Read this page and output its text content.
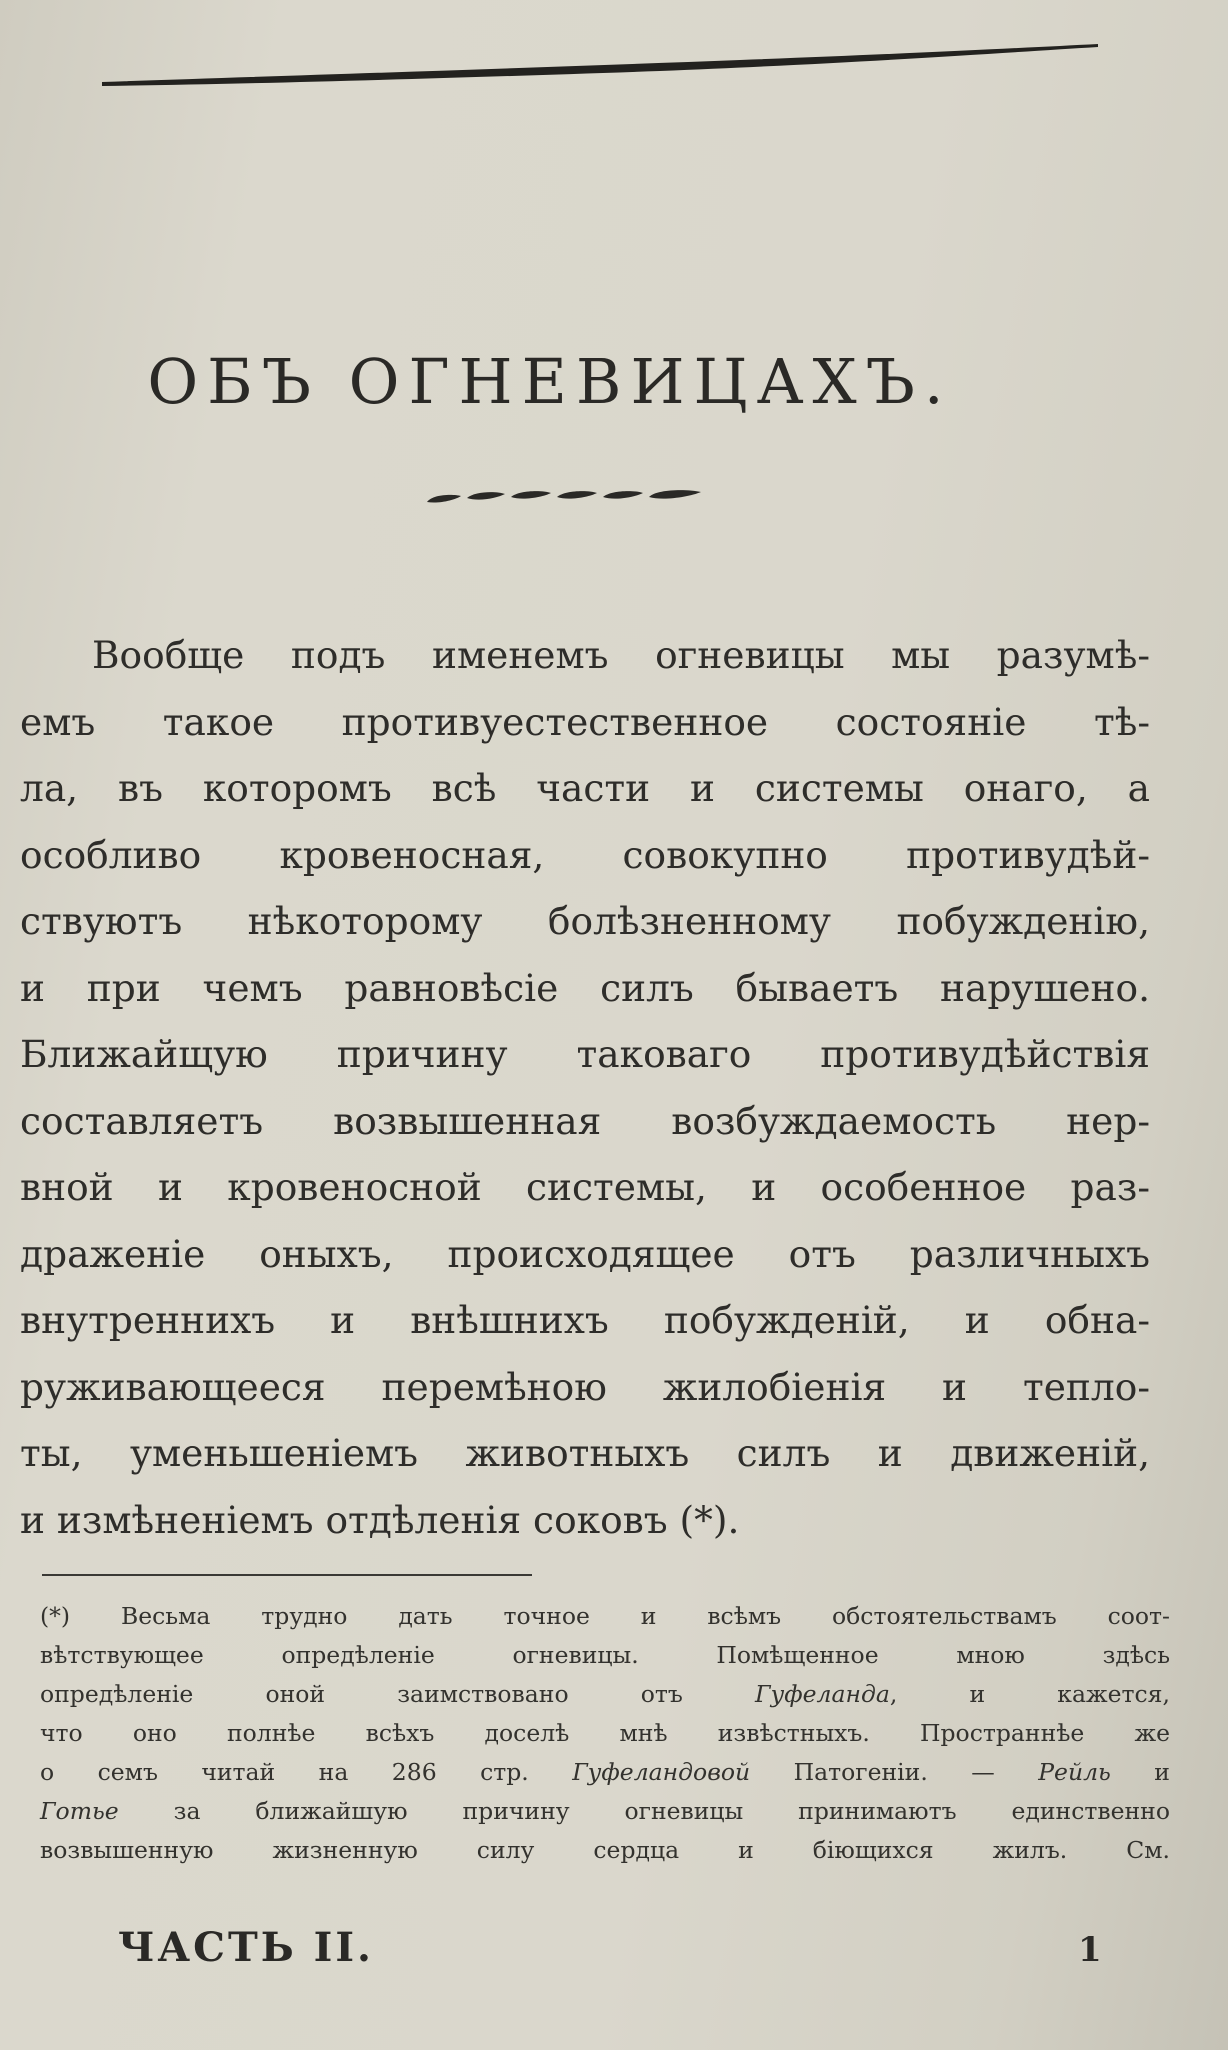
ОБЪ ОГНЕВИЦАХЪ.
Вообще подъ именемъ огневицы мы разумѣ-
емъ такое противуестественное состояніе тѣ-
ла, въ которомъ всѣ части и системы онаго, а
особливо кровеносная, совокупно противудѣй-
ствуютъ нѣкоторому болѣзненному побужденію,
и при чемъ равновѣсіе силъ бываетъ нарушено.
Ближайщую причину таковаго противудѣйствія
составляетъ возвышенная возбуждаемость нер-
вной и кровеносной системы, и особенное раз-
драженіе оныхъ, происходящее отъ различныхъ
внутреннихъ и внѣшнихъ побужденій, и обна-
руживающееся перемѣною жилобіенія и тепло-
ты, уменьшеніемъ животныхъ силъ и движеній,
и измѣненіемъ отдѣленія соковъ (*).
(*) Весьма трудно дать точное и всѣмъ обстоятельствамъ соот-
вѣтствующее опредѣленіе огневицы. Помѣщенное мною здѣсь
опредѣленіе оной заимствовано отъ	Гуфеланда, и кажется,
что оно полнѣе всѣхъ доселѣ мнѣ извѣстныхъ. Пространнѣе же
о семъ читай на 286 стр. Гуфеландовой Патогеніи. — Рейль и
Готье за ближайшую причину огневицы принимаютъ единственно
возвышенную жизненную силу сердца и біющихся жилъ. См.
ЧАСТЬ II.	1
